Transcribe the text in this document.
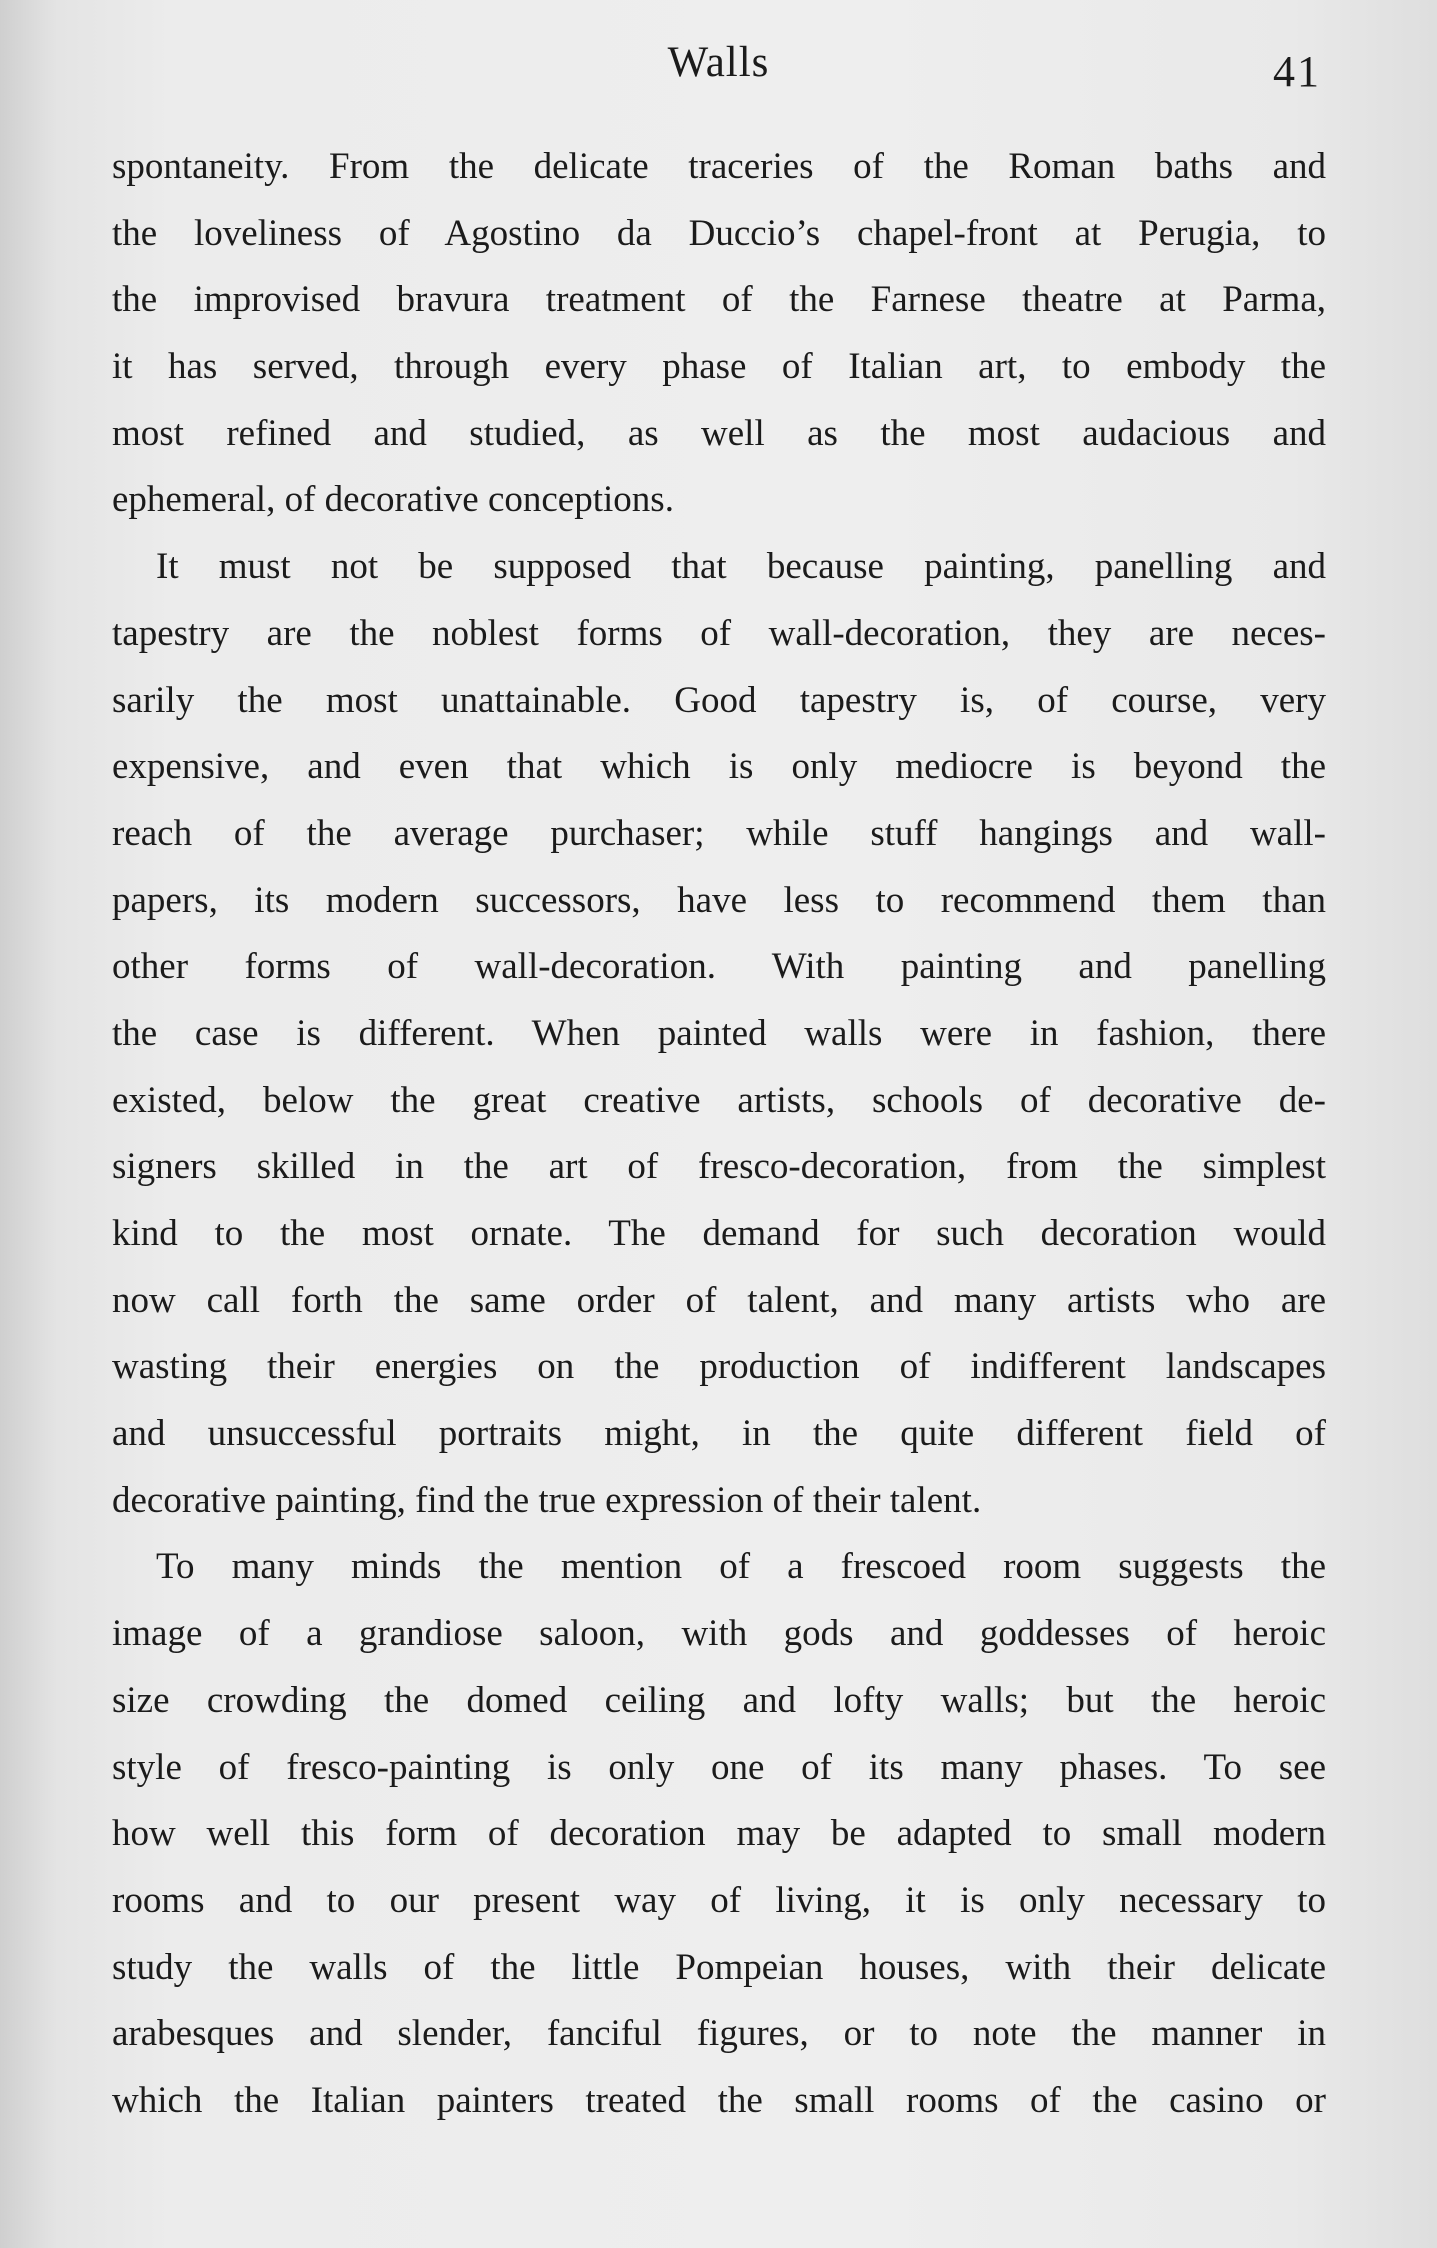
Walls	41
spontaneity. From the delicate traceries of the Roman baths and
the loveliness of Agostino da Duccio’s chapel-front at Perugia, to
the improvised bravura treatment of the Farnese theatre at Parma,
it has served, through every phase of Italian art, to embody the
most refined and studied, as well as the most audacious and
ephemeral, of decorative conceptions.
It must not be supposed that because painting, panelling and
tapestry are the noblest forms of wall-decoration, they are neces-
sarily the most unattainable. Good tapestry is, of course, very
expensive, and even that which is only mediocre is beyond the
reach of the average purchaser; while stuff hangings and wall-
papers, its modern successors, have less to recommend them than
other forms of wall-decoration. With painting and panelling
the case is different. When painted walls were in fashion, there
existed, below the great creative artists, schools of decorative de-
signers skilled in the art of fresco-decoration, from the simplest
kind to the most ornate. The demand for such decoration would
now call forth the same order of talent, and many artists who are
wasting their energies on the production of indifferent landscapes
and unsuccessful portraits might, in the quite different field of
decorative painting, find the true expression of their talent.
To many minds the mention of a frescoed room suggests the
image of a grandiose saloon, with gods and goddesses of heroic
size crowding the domed ceiling and lofty walls; but the heroic
style of fresco-painting is only one of its many phases. To see
how well this form of decoration may be adapted to small modern
rooms and to our present way of living, it is only necessary to
study the walls of the little Pompeian houses, with their delicate
arabesques and slender, fanciful figures, or to note the manner in
which the Italian painters treated the small rooms of the casino or
